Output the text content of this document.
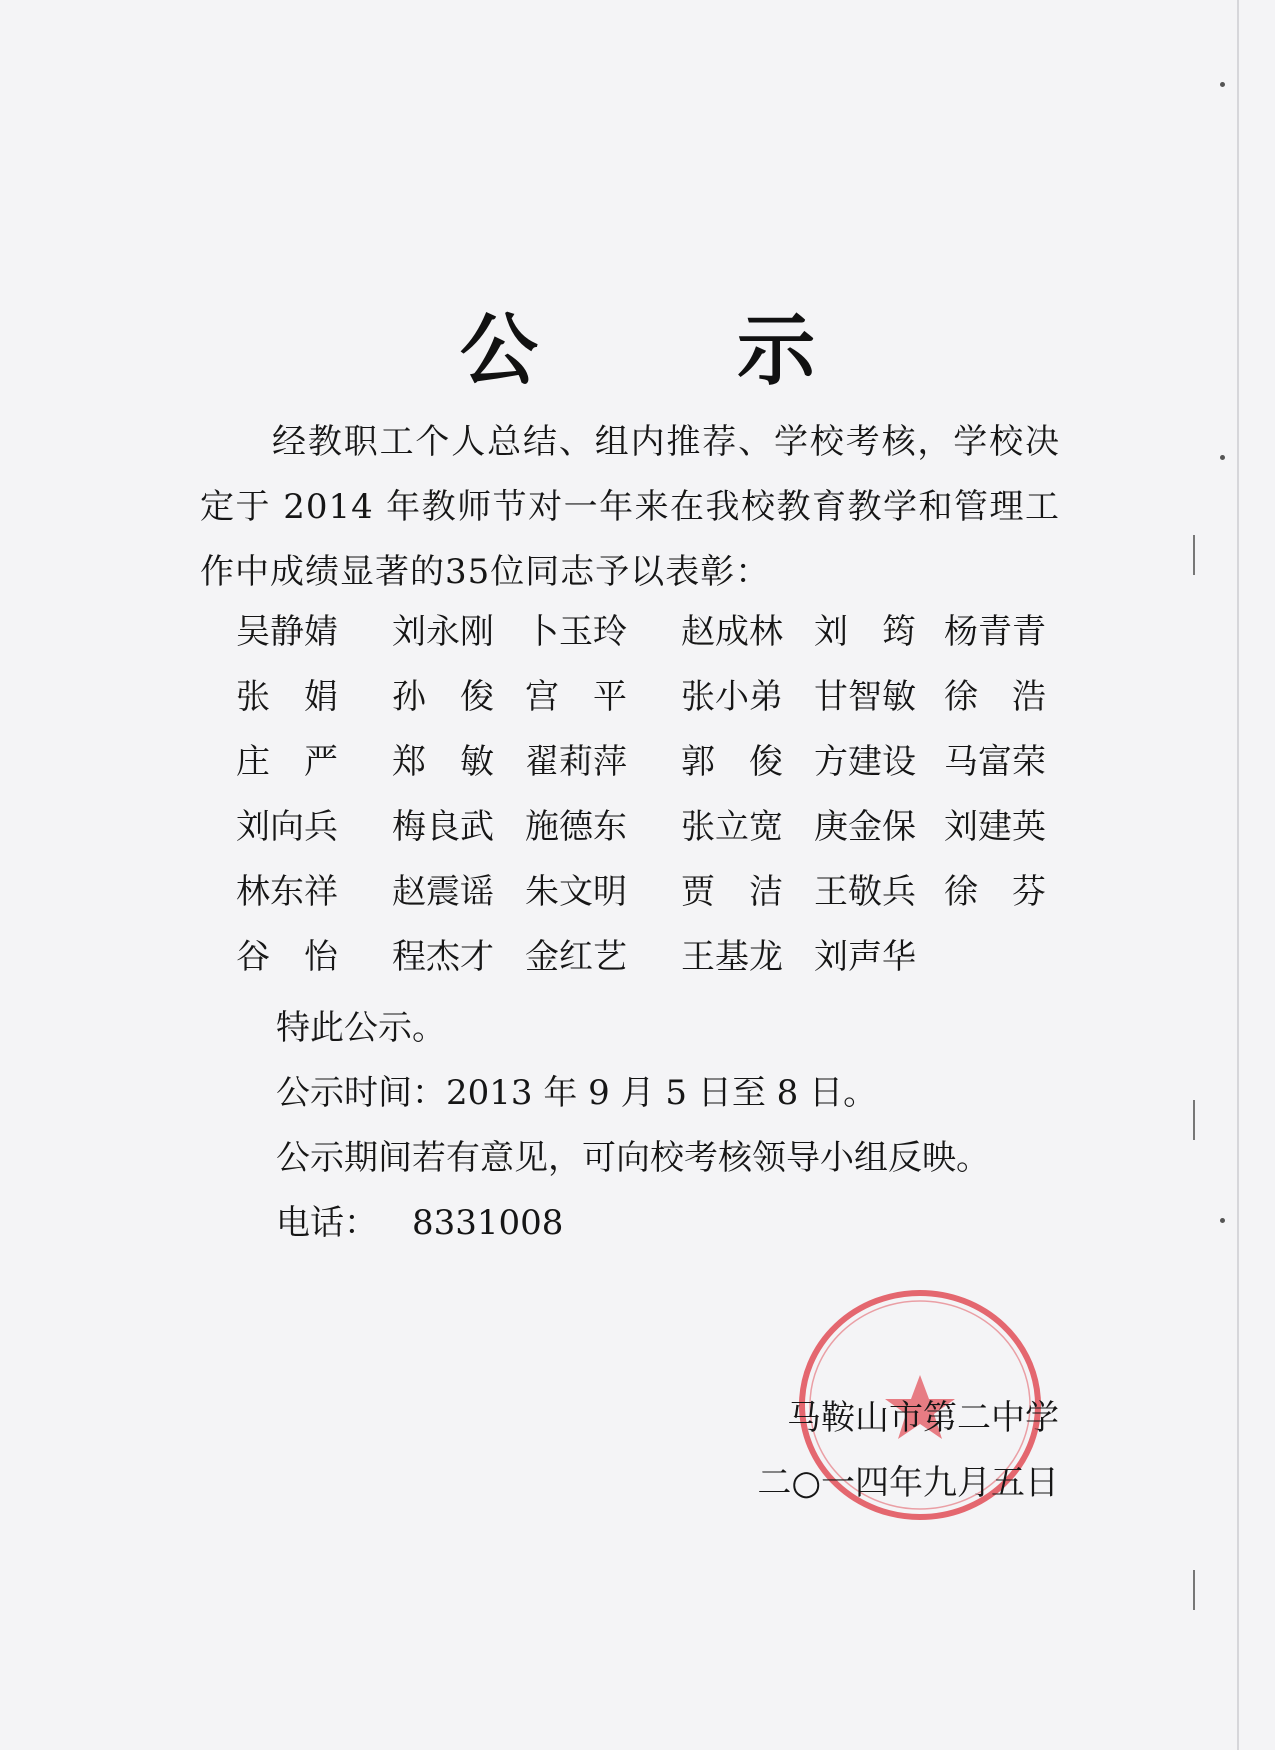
公 示
经教职工个人总结、组内推荐、学校考核，学校决定于 2014 年教师节对一年来在我校教育教学和管理工作中成绩显著的35位同志予以表彰：
吴静婧	刘永刚 卜玉玲	赵成林 刘　筠 杨青青
张　娟	孙　俊 宫　平	张小弟 甘智敏 徐　浩
庄　严	郑　敏 翟莉萍	郭　俊 方建设 马富荣
刘向兵	梅良武 施德东	张立宽 庚金保 刘建英
林东祥	赵震谣 朱文明	贾　洁 王敬兵 徐　芬
谷　怡	程杰才 金红艺	王基龙 刘声华
特此公示。
公示时间：2013 年 9 月 5 日至 8 日。
公示期间若有意见，可向校考核领导小组反映。
电话： 8331008
马鞍山市第二中学
二○一四年九月五日
